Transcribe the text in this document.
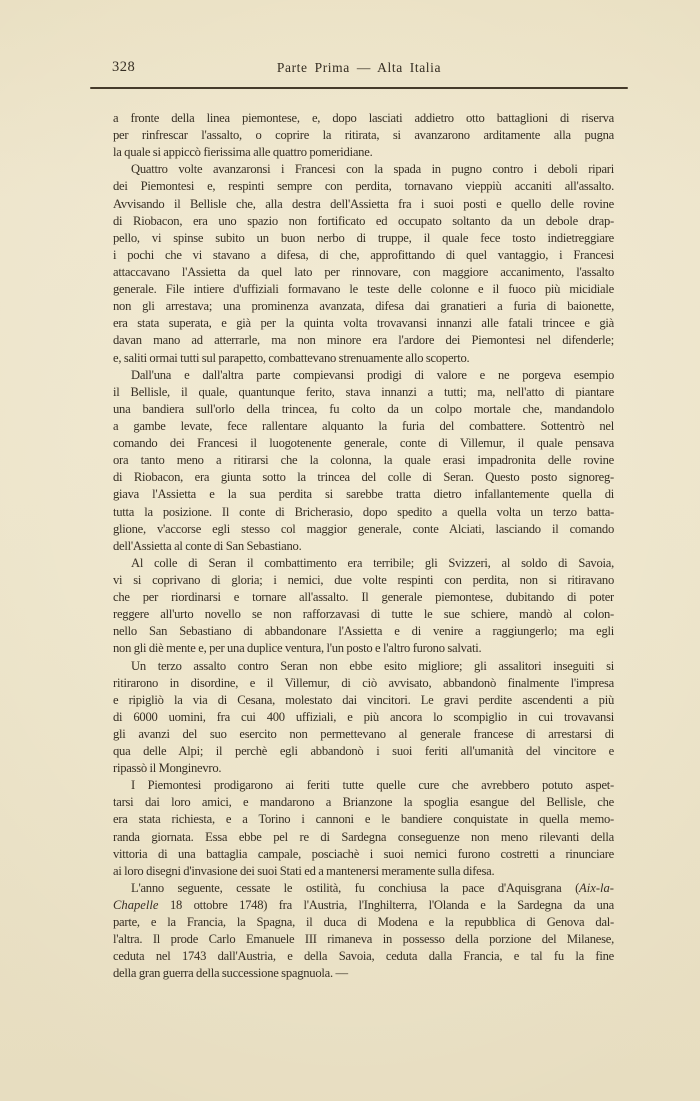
328	Parte Prima — Alta Italia
a fronte della linea piemontese, e, dopo lasciati addietro otto battaglioni di riserva
per rinfrescar l'assalto, o coprire la ritirata, si avanzarono arditamente alla pugna
la quale si appiccò fierissima alle quattro pomeridiane.
Quattro volte avanzaronsi i Francesi con la spada in pugno contro i deboli ripari
dei Piemontesi e, respinti sempre con perdita, tornavano vieppiù accaniti all'assalto.
Avvisando il Bellisle che, alla destra dell'Assietta fra i suoi posti e quello delle rovine
di Riobacon, era uno spazio non fortificato ed occupato soltanto da un debole drap-
pello, vi spinse subito un buon nerbo di truppe, il quale fece tosto indietreggiare
i pochi che vi stavano a difesa, di che, approfittando di quel vantaggio, i Francesi
attaccavano l'Assietta da quel lato per rinnovare, con maggiore accanimento, l'assalto
generale. File intiere d'uffiziali formavano le teste delle colonne e il fuoco più micidiale
non gli arrestava; una prominenza avanzata, difesa dai granatieri a furia di baionette,
era stata superata, e già per la quinta volta trovavansi innanzi alle fatali trincee e già
davan mano ad atterrarle, ma non minore era l'ardore dei Piemontesi nel difenderle;
e, saliti ormai tutti sul parapetto, combattevano strenuamente allo scoperto.
Dall'una e dall'altra parte compievansi prodigi di valore e ne porgeva esempio
il Bellisle, il quale, quantunque ferito, stava innanzi a tutti; ma, nell'atto di piantare
una bandiera sull'orlo della trincea, fu colto da un colpo mortale che, mandandolo
a gambe levate, fece rallentare alquanto la furia del combattere. Sottentrò nel
comando dei Francesi il luogotenente generale, conte di Villemur, il quale pensava
ora tanto meno a ritirarsi che la colonna, la quale erasi impadronita delle rovine
di Riobacon, era giunta sotto la trincea del colle di Seran. Questo posto signoreg-
giava l'Assietta e la sua perdita si sarebbe tratta dietro infallantemente quella di
tutta la posizione. Il conte di Bricherasio, dopo spedito a quella volta un terzo batta-
glione, v'accorse egli stesso col maggior generale, conte Alciati, lasciando il comando
dell'Assietta al conte di San Sebastiano.
Al colle di Seran il combattimento era terribile; gli Svizzeri, al soldo di Savoia,
vi si coprivano di gloria; i nemici, due volte respinti con perdita, non si ritiravano
che per riordinarsi e tornare all'assalto. Il generale piemontese, dubitando di poter
reggere all'urto novello se non rafforzavasi di tutte le sue schiere, mandò al colon-
nello San Sebastiano di abbandonare l'Assietta e di venire a raggiungerlo; ma egli
non gli diè mente e, per una duplice ventura, l'un posto e l'altro furono salvati.
Un terzo assalto contro Seran non ebbe esito migliore; gli assalitori inseguiti si
ritirarono in disordine, e il Villemur, di ciò avvisato, abbandonò finalmente l'impresa
e ripigliò la via di Cesana, molestato dai vincitori. Le gravi perdite ascendenti a più
di 6000 uomini, fra cui 400 uffiziali, e più ancora lo scompiglio in cui trovavansi
gli avanzi del suo esercito non permettevano al generale francese di arrestarsi di
qua delle Alpi; il perchè egli abbandonò i suoi feriti all'umanità del vincitore e
ripassò il Monginevro.
I Piemontesi prodigarono ai feriti tutte quelle cure che avrebbero potuto aspet-
tarsi dai loro amici, e mandarono a Brianzone la spoglia esangue del Bellisle, che
era stata richiesta, e a Torino i cannoni e le bandiere conquistate in quella memo-
randa giornata. Essa ebbe pel re di Sardegna conseguenze non meno rilevanti della
vittoria di una battaglia campale, posciachè i suoi nemici furono costretti a rinunciare
ai loro disegni d'invasione dei suoi Stati ed a mantenersi meramente sulla difesa.
L'anno seguente, cessate le ostilità, fu conchiusa la pace d'Aquisgrana (Aix-la-
Chapelle 18 ottobre 1748) fra l'Austria, l'Inghilterra, l'Olanda e la Sardegna da una
parte, e la Francia, la Spagna, il duca di Modena e la repubblica di Genova dal-
l'altra. Il prode Carlo Emanuele III rimaneva in possesso della porzione del Milanese,
ceduta nel 1743 dall'Austria, e della Savoia, ceduta dalla Francia, e tal fu la fine
della gran guerra della successione spagnuola. —
